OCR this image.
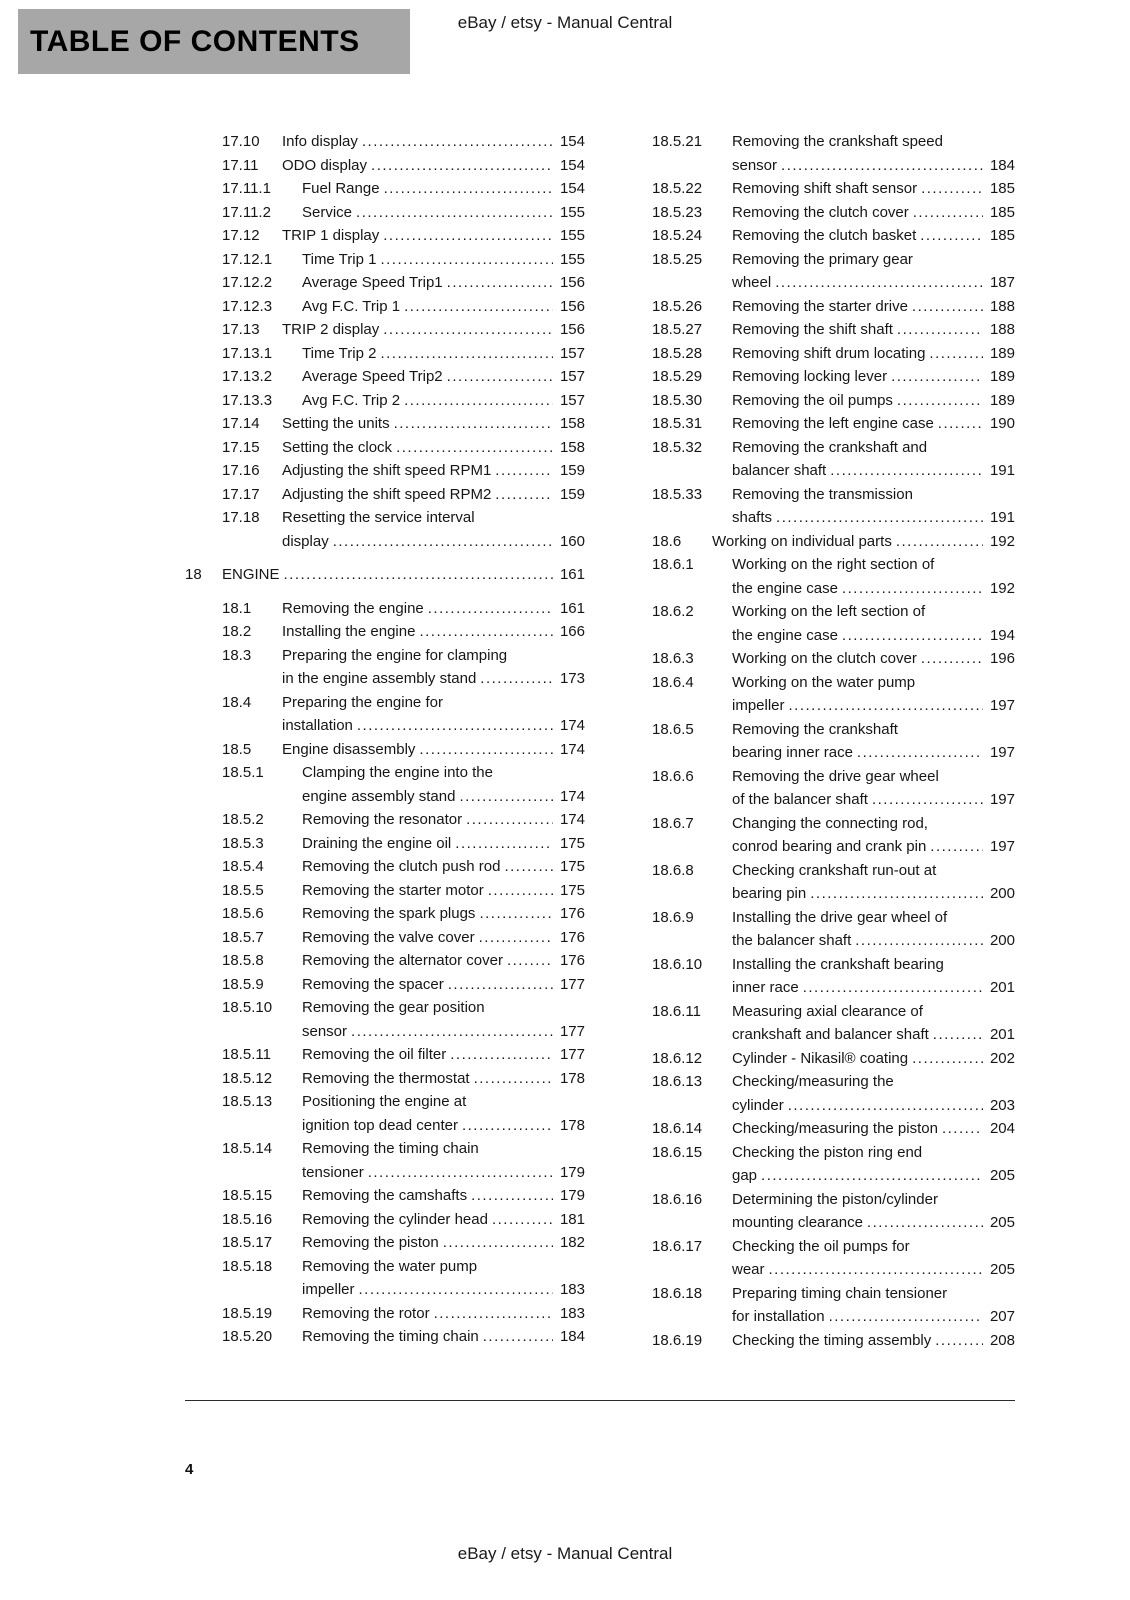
TABLE OF CONTENTS
eBay / etsy - Manual Central
17.10	Info display .....	154
17.11	ODO display .....	154
17.11.1	Fuel Range .....	154
17.11.2	Service .....	155
17.12	TRIP 1 display .....	155
17.12.1	Time Trip 1 .....	155
17.12.2	Average Speed Trip1 .....	156
17.12.3	Avg F.C. Trip 1 .....	156
17.13	TRIP 2 display .....	156
17.13.1	Time Trip 2 .....	157
17.13.2	Average Speed Trip2 .....	157
17.13.3	Avg F.C. Trip 2 .....	157
17.14	Setting the units .....	158
17.15	Setting the clock .....	158
17.16	Adjusting the shift speed RPM1 .....	159
17.17	Adjusting the shift speed RPM2 .....	159
17.18	Resetting the service interval
display .....	160
18	ENGINE .....	161
18.1	Removing the engine .....	161
18.2	Installing the engine .....	166
18.3	Preparing the engine for clamping
in the engine assembly stand .....	173
18.4	Preparing the engine for
installation .....	174
18.5	Engine disassembly .....	174
18.5.1	Clamping the engine into the
engine assembly stand .....	174
18.5.2	Removing the resonator .....	174
18.5.3	Draining the engine oil .....	175
18.5.4	Removing the clutch push rod .....	175
18.5.5	Removing the starter motor .....	175
18.5.6	Removing the spark plugs .....	176
18.5.7	Removing the valve cover .....	176
18.5.8	Removing the alternator cover .....	176
18.5.9	Removing the spacer .....	177
18.5.10	Removing the gear position
sensor .....	177
18.5.11	Removing the oil filter .....	177
18.5.12	Removing the thermostat .....	178
18.5.13	Positioning the engine at
ignition top dead center .....	178
18.5.14	Removing the timing chain
tensioner .....	179
18.5.15	Removing the camshafts .....	179
18.5.16	Removing the cylinder head .....	181
18.5.17	Removing the piston .....	182
18.5.18	Removing the water pump
impeller .....	183
18.5.19	Removing the rotor .....	183
18.5.20	Removing the timing chain .....	184
18.5.21	Removing the crankshaft speed
sensor .....	184
18.5.22	Removing shift shaft sensor .....	185
18.5.23	Removing the clutch cover .....	185
18.5.24	Removing the clutch basket .....	185
18.5.25	Removing the primary gear
wheel .....	187
18.5.26	Removing the starter drive .....	188
18.5.27	Removing the shift shaft .....	188
18.5.28	Removing shift drum locating .....	189
18.5.29	Removing locking lever .....	189
18.5.30	Removing the oil pumps .....	189
18.5.31	Removing the left engine case .....	190
18.5.32	Removing the crankshaft and
balancer shaft .....	191
18.5.33	Removing the transmission
shafts .....	191
18.6	Working on individual parts .....	192
18.6.1	Working on the right section of
the engine case .....	192
18.6.2	Working on the left section of
the engine case .....	194
18.6.3	Working on the clutch cover .....	196
18.6.4	Working on the water pump
impeller .....	197
18.6.5	Removing the crankshaft
bearing inner race .....	197
18.6.6	Removing the drive gear wheel
of the balancer shaft .....	197
18.6.7	Changing the connecting rod,
conrod bearing and crank pin .....	197
18.6.8	Checking crankshaft run-out at
bearing pin .....	200
18.6.9	Installing the drive gear wheel of
the balancer shaft .....	200
18.6.10	Installing the crankshaft bearing
inner race .....	201
18.6.11	Measuring axial clearance of
crankshaft and balancer shaft .....	201
18.6.12	Cylinder - Nikasil® coating .....	202
18.6.13	Checking/measuring the
cylinder .....	203
18.6.14	Checking/measuring the piston .....	204
18.6.15	Checking the piston ring end
gap .....	205
18.6.16	Determining the piston/cylinder
mounting clearance .....	205
18.6.17	Checking the oil pumps for
wear .....	205
18.6.18	Preparing timing chain tensioner
for installation .....	207
18.6.19	Checking the timing assembly .....	208
4
eBay / etsy - Manual Central
